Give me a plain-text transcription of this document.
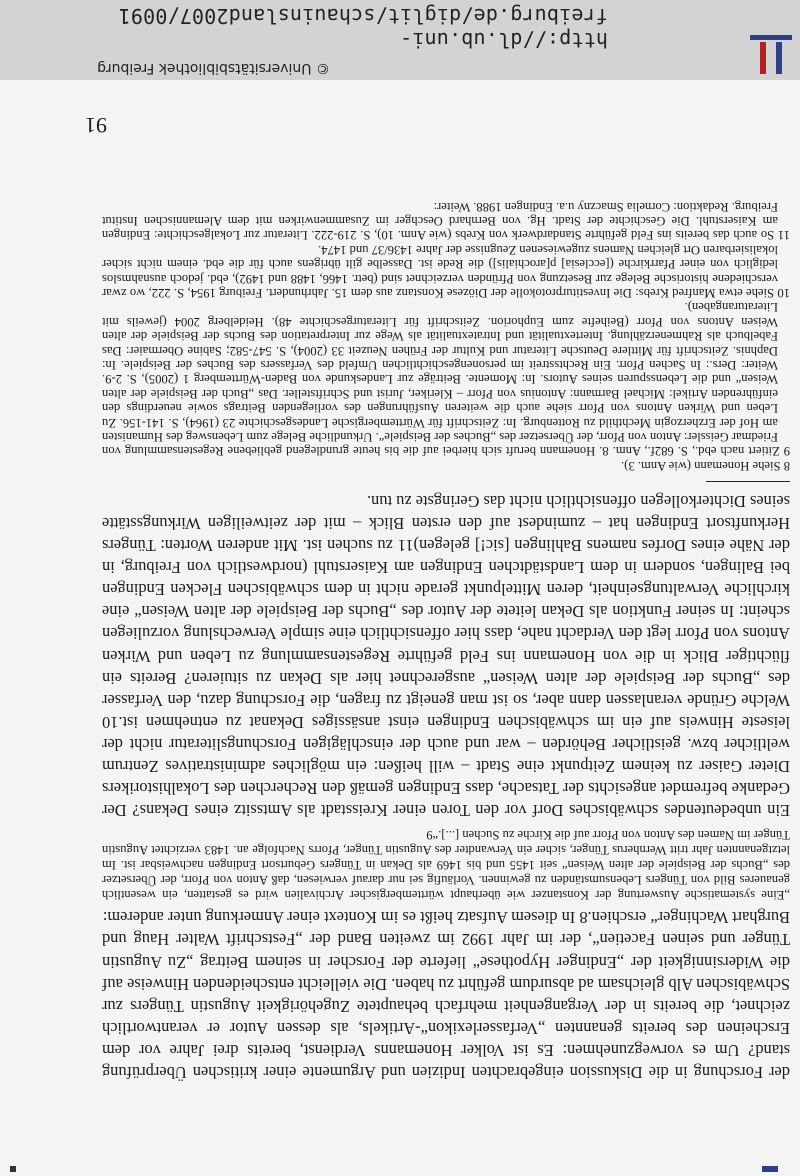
© Universitätsbibliothek Freiburg
http://dl.ub.uni-freiburg.de/diglit/schauinsland2007/0091

der Forschung in die Diskussion eingebrachten Indizien und Argumente einer kritischen Überprüfung stand? Um es vorwegzunehmen: Es ist Volker Honemanns Verdienst, bereits drei Jahre vor dem Erscheinen des bereits genannten „Verfasserlexikon“-Artikels, als dessen Autor er verantwortlich zeichnet, die bereits in der Vergangenheit mehrfach behauptete Zugehörigkeit Augustin Tüngers zur Schwäbischen Alb gleichsam ad absurdum geführt zu haben. Die vielleicht entscheidenden Hinweise auf die Widersinnigkeit der „Endinger Hypothese“ lieferte der Forscher in seinem Beitrag „Zu Augustin Tünger und seinen Facetien“, der im Jahr 1992 im zweiten Band der „Festschrift Walter Haug und Burghart Wachinger“ erschien.8 In diesem Aufsatz heißt es im Kontext einer Anmerkung unter anderem:

„Eine systematische Auswertung der Konstanzer wie überhaupt württembergischer Archivalien wird es gestatten, ein wesentlich genaueres Bild von Tüngers Lebensumständen zu gewinnen. Vorläufig sei nur darauf verwiesen, daß Anton von Pforr, der Übersetzer des „Buchs der Beispiele der alten Weisen“ seit 1455 und bis 1469 als Dekan in Tüngers Geburtsort Endingen nachweisbar ist. Im letztgenannten Jahr tritt Wernherus Tünger, sicher ein Verwandter des Augustin Tünger, Pforrs Nachfolge an. 1483 verzichtet Augustin Tünger im Namen des Anton von Pforr auf die Kirche zu Suchen [...].“9

Ein unbedeutendes schwäbisches Dorf vor den Toren einer Kreisstadt als Amtssitz eines Dekans? Der Gedanke befremdet angesichts der Tatsache, dass Endingen gemäß den Recherchen des Lokalhistorikers Dieter Gaiser zu keinem Zeitpunkt eine Stadt – will heißen: ein mögliches administratives Zentrum weltlicher bzw. geistlicher Behörden – war und auch der einschlägigen Forschungsliteratur nicht der leiseste Hinweis auf ein im schwäbischen Endingen einst ansässiges Dekanat zu entnehmen ist.10 Welche Gründe veranlassen dann aber, so ist man geneigt zu fragen, die Forschung dazu, den Verfasser des „Buchs der Beispiele der alten Weisen“ ausgerechnet hier als Dekan zu situieren? Bereits ein flüchtiger Blick in die von Honemann ins Feld geführte Regestensammlung zu Leben und Wirken Antons von Pforr legt den Verdacht nahe, dass hier offensichtlich eine simple Verwechslung vorzuliegen scheint: In seiner Funktion als Dekan leitete der Autor des „Buchs der Beispiele der alten Weisen“ eine kirchliche Verwaltungseinheit, deren Mittelpunkt gerade nicht in dem schwäbischen Flecken Endingen bei Balingen, sondern in dem Landstädtchen Endingen am Kaiserstuhl (nordwestlich von Freiburg, in der Nähe eines Dorfes namens Bahlingen [sic!] gelegen)11 zu suchen ist. Mit anderen Worten: Tüngers Herkunftsort Endingen hat – zumindest auf den ersten Blick – mit der zeitweiligen Wirkungsstätte seines Dichterkollegen offensichtlich nicht das Geringste zu tun.

8 Siehe Honemann (wie Anm. 3).

9 Zitiert nach ebd., S. 682f., Anm. 8. Honemann beruft sich hierbei auf die bis heute grundlegend gebliebene Regestensammlung von Friedmar Geissler: Anton von Pforr, der Übersetzer des „Buches der Beispiele“. Urkundliche Belege zum Lebensweg des Humanisten am Hof der Erzherzogin Mechthild zu Rottenburg. In: Zeitschrift für Württembergische Landesgeschichte 23 (1964), S. 141-156. Zu Leben und Wirken Antons von Pforr siehe auch die weiteren Ausführungen des vorliegenden Beitrags sowie neuerdings den einführenden Artikel: Michael Barmann: Antonius von Pforr – Kleriker, Jurist und Schriftsteller. Das „Buch der Beispiele der alten Weisen“ und die Lebensspuren seines Autors. In: Momente. Beiträge zur Landeskunde von Baden-Württemberg 1 (2005), S. 2-9. Weiter: Ders.: In Sachen Pforr. Ein Rechtsstreit im personengeschichtlichen Umfeld des Verfassers des Buches der Beispiele. In: Daphnis. Zeitschrift für Mittlere Deutsche Literatur und Kultur der Frühen Neuzeit 33 (2004), S. 547-582; Sabine Obermaier: Das Fabelbuch als Rahmenerzählung. Intertextualität und Intratextualität als Wege zur Interpretation des Buchs der Beispiele der alten Weisen Antons von Pforr (Beihefte zum Euphorion. Zeitschrift für Literaturgeschichte 48). Heidelberg 2004 (jeweils mit Literaturangaben).

10 Siehe etwa Manfred Krebs: Die Investiturprotokolle der Diözese Konstanz aus dem 15. Jahrhundert. Freiburg 1954, S. 222, wo zwar verschiedene historische Belege zur Besetzung von Pfründen verzeichnet sind (betr. 1466, 1488 und 1492), ebd. jedoch ausnahmslos lediglich von einer Pfarrkirche ([ecclesia] p[arochialis]) die Rede ist. Dasselbe gilt übrigens auch für die ebd. einem nicht sicher lokalisierbaren Ort gleichen Namens zugewiesenen Zeugnisse der Jahre 1436/37 und 1474.

11 So auch das bereits ins Feld geführte Standardwerk von Krebs (wie Anm. 10), S. 219-222. Literatur zur Lokalgeschichte: Endingen am Kaiserstuhl. Die Geschichte der Stadt. Hg. von Bernhard Oeschger im Zusammenwirken mit dem Alemannischen Institut Freiburg. Redaktion: Cornelia Smaczny u.a. Endingen 1988. Weiter:

91
